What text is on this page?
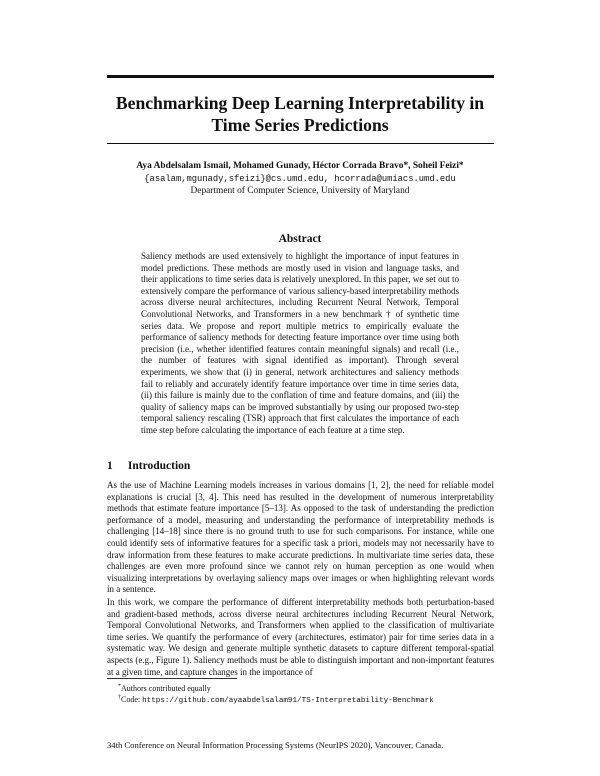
Benchmarking Deep Learning Interpretability in
Time Series Predictions
Aya Abdelsalam Ismail, Mohamed Gunady, Héctor Corrada Bravo*, Soheil Feizi*
{asalam,mgunady,sfeizi}@cs.umd.edu, hcorrada@umiacs.umd.edu
Department of Computer Science, University of Maryland
Abstract

Saliency methods are used extensively to highlight the importance of input features in model predictions. These methods are mostly used in vision and language tasks, and their applications to time series data is relatively unexplored. In this paper, we set out to extensively compare the performance of various saliency-based interpretability methods across diverse neural architectures, including Recurrent Neural Network, Temporal Convolutional Networks, and Transformers in a new benchmark † of synthetic time series data. We propose and report multiple metrics to empirically evaluate the performance of saliency methods for detecting feature importance over time using both precision (i.e., whether identified features contain meaningful signals) and recall (i.e., the number of features with signal identified as important). Through several experiments, we show that (i) in general, network architectures and saliency methods fail to reliably and accurately identify feature importance over time in time series data, (ii) this failure is mainly due to the conflation of time and feature domains, and (iii) the quality of saliency maps can be improved substantially by using our proposed two-step temporal saliency rescaling (TSR) approach that first calculates the importance of each time step before calculating the importance of each feature at a time step.

1 Introduction

As the use of Machine Learning models increases in various domains [1, 2], the need for reliable model explanations is crucial [3, 4]. This need has resulted in the development of numerous interpretability methods that estimate feature importance [5–13]. As opposed to the task of understanding the prediction performance of a model, measuring and understanding the performance of interpretability methods is challenging [14–18] since there is no ground truth to use for such comparisons. For instance, while one could identify sets of informative features for a specific task a priori, models may not necessarily have to draw information from these features to make accurate predictions. In multivariate time series data, these challenges are even more profound since we cannot rely on human perception as one would when visualizing interpretations by overlaying saliency maps over images or when highlighting relevant words in a sentence.

In this work, we compare the performance of different interpretability methods both perturbation-based and gradient-based methods, across diverse neural architectures including Recurrent Neural Network, Temporal Convolutional Networks, and Transformers when applied to the classification of multivariate time series. We quantify the performance of every (architectures, estimator) pair for time series data in a systematic way. We design and generate multiple synthetic datasets to capture different temporal-spatial aspects (e.g., Figure 1). Saliency methods must be able to distinguish important and non-important features at a given time, and capture changes in the importance of

*Authors contributed equally
†Code: https://github.com/ayaabdelsalam91/TS-Interpretability-Benchmark
34th Conference on Neural Information Processing Systems (NeurIPS 2020), Vancouver, Canada.
